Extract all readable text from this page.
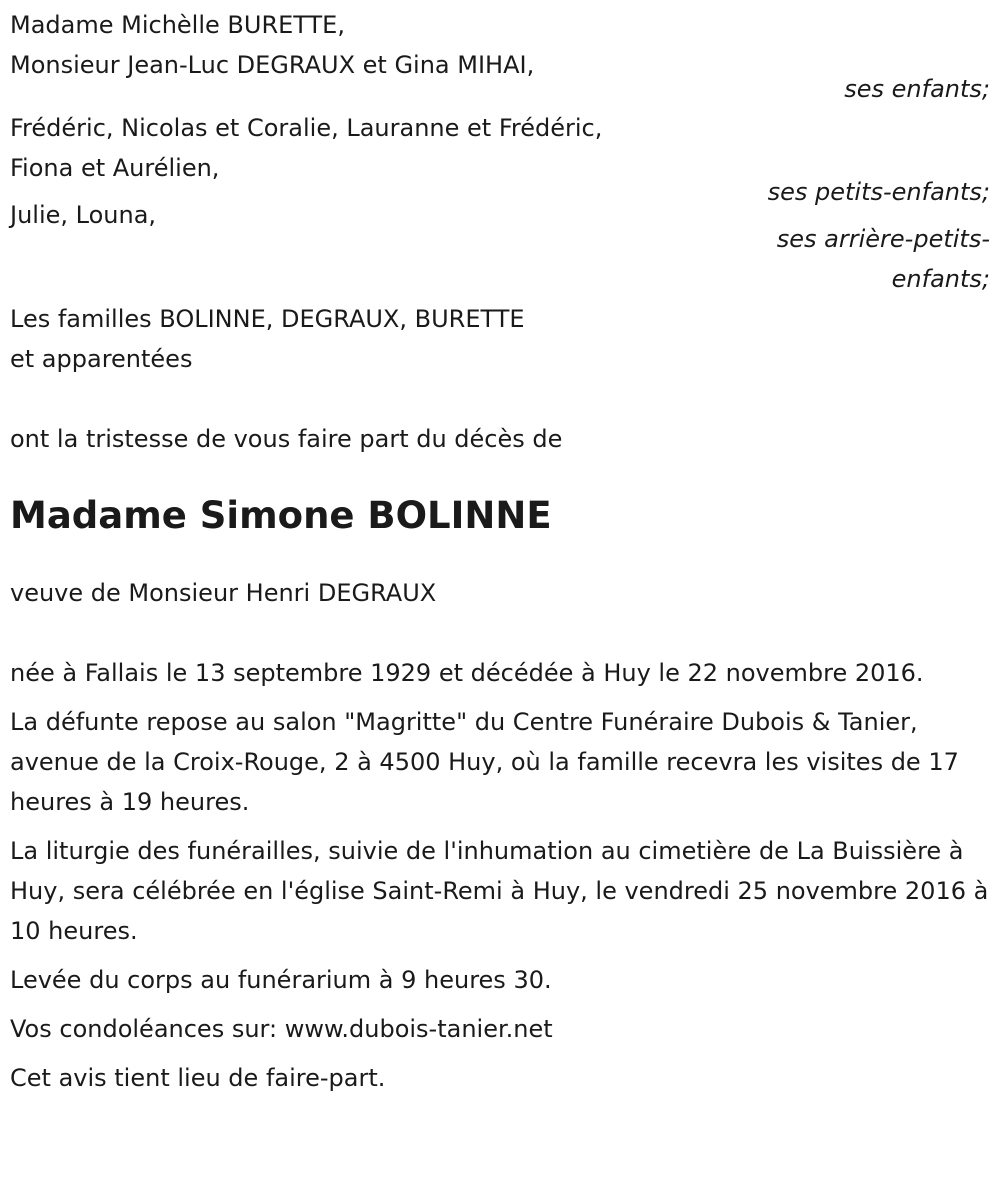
Madame Michèlle BURETTE,
Monsieur Jean-Luc DEGRAUX et Gina MIHAI,
ses enfants;
Frédéric, Nicolas et Coralie, Lauranne et Frédéric,
Fiona et Aurélien,
ses petits-enfants;
Julie, Louna,
ses arrière-petits-
enfants;
Les familles BOLINNE, DEGRAUX, BURETTE
et apparentées
ont la tristesse de vous faire part du décès de
Madame Simone BOLINNE
veuve de Monsieur Henri DEGRAUX
née à Fallais le 13 septembre 1929 et décédée à Huy le 22 novembre 2016.
La défunte repose au salon "Magritte" du Centre Funéraire Dubois & Tanier, avenue de la Croix-Rouge, 2 à 4500 Huy, où la famille recevra les visites de 17 heures à 19 heures.
La liturgie des funérailles, suivie de l'inhumation au cimetière de La Buissière à Huy, sera célébrée en l'église Saint-Remi à Huy, le vendredi 25 novembre 2016 à 10 heures.
Levée du corps au funérarium à 9 heures 30.
Vos condoléances sur: www.dubois-tanier.net
Cet avis tient lieu de faire-part.
